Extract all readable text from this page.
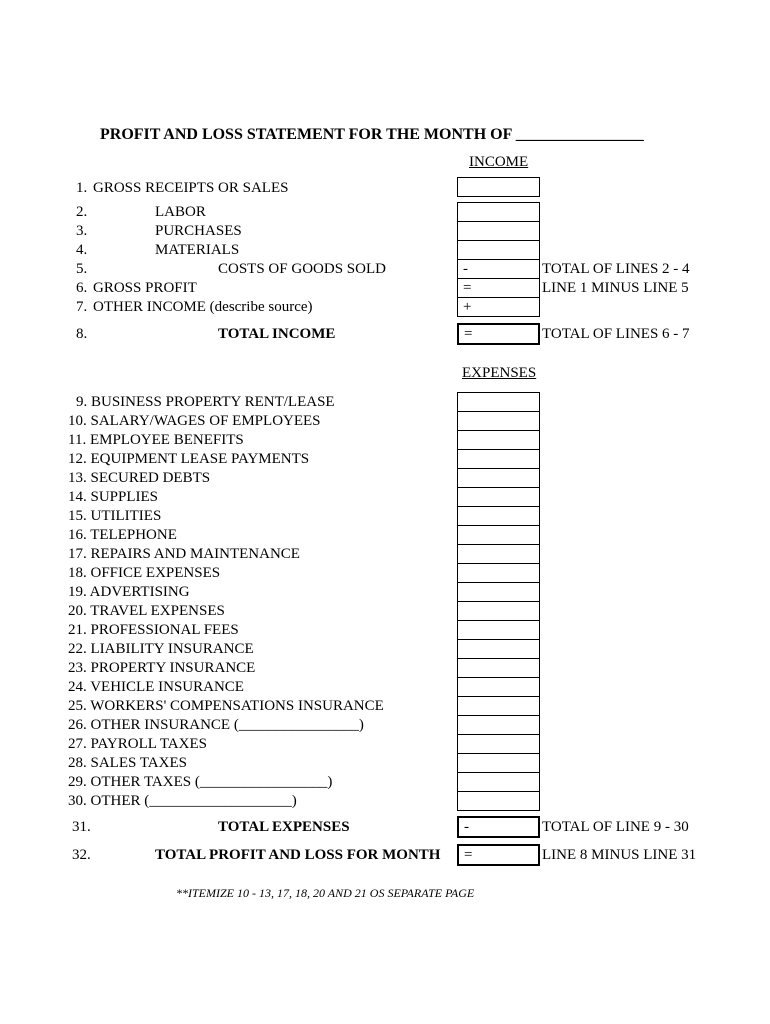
PROFIT AND LOSS STATEMENT FOR THE MONTH OF ________________
INCOME
1. GROSS RECEIPTS OR SALES
2.	LABOR
3.	PURCHASES
4.	MATERIALS
5.	COSTS OF GOODS SOLD	-	TOTAL OF LINES 2 - 4
6. GROSS PROFIT	=	LINE 1 MINUS LINE 5
7. OTHER INCOME (describe source)	+
8.	TOTAL INCOME	=	TOTAL OF LINES 6 - 7
EXPENSES
9. BUSINESS PROPERTY RENT/LEASE
10. SALARY/WAGES OF EMPLOYEES
11. EMPLOYEE BENEFITS
12. EQUIPMENT LEASE PAYMENTS
13. SECURED DEBTS
14. SUPPLIES
15. UTILITIES
16. TELEPHONE
17. REPAIRS AND MAINTENANCE
18. OFFICE EXPENSES
19. ADVERTISING
20. TRAVEL EXPENSES
21. PROFESSIONAL FEES
22. LIABILITY INSURANCE
23. PROPERTY INSURANCE
24. VEHICLE INSURANCE
25. WORKERS' COMPENSATIONS INSURANCE
26. OTHER INSURANCE (________________)
27. PAYROLL TAXES
28. SALES TAXES
29. OTHER TAXES (_________________)
30. OTHER (___________________)
31.	TOTAL EXPENSES	-	TOTAL OF LINE 9 - 30
32.	TOTAL PROFIT AND LOSS FOR MONTH =	LINE 8 MINUS LINE 31
**ITEMIZE 10 - 13, 17, 18, 20 AND 21 OS SEPARATE PAGE
